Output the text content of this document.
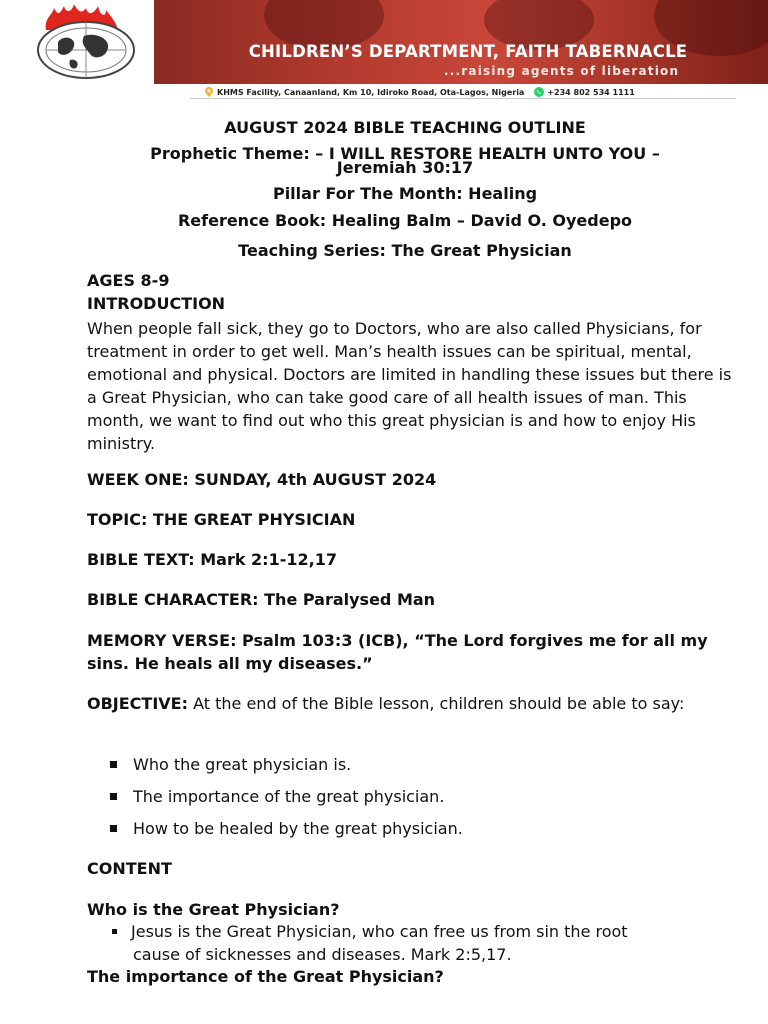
CHILDREN’S DEPARTMENT, FAITH TABERNACLE
...raising agents of liberation
KHMS Facility, Canaanland, Km 10, Idiroko Road, Ota-Lagos, Nigeria	+234 802 534 1111
AUGUST 2024 BIBLE TEACHING OUTLINE
Prophetic Theme: – I WILL RESTORE HEALTH UNTO YOU –
Jeremiah 30:17
Pillar For The Month: Healing
Reference Book: Healing Balm – David O. Oyedepo
Teaching Series: The Great Physician
AGES 8-9
INTRODUCTION
When people fall sick, they go to Doctors, who are also called Physicians, for treatment in order to get well. Man’s health issues can be spiritual, mental, emotional and physical. Doctors are limited in handling these issues but there is a Great Physician, who can take good care of all health issues of man. This month, we want to find out who this great physician is and how to enjoy His ministry.
WEEK ONE: SUNDAY, 4th AUGUST 2024
TOPIC: THE GREAT PHYSICIAN
BIBLE TEXT: Mark 2:1-12,17
BIBLE CHARACTER: The Paralysed Man
MEMORY VERSE: Psalm 103:3 (ICB), “The Lord forgives me for all my sins. He heals all my diseases.”
OBJECTIVE: At the end of the Bible lesson, children should be able to say:
Who the great physician is.
The importance of the great physician.
How to be healed by the great physician.
CONTENT
Who is the Great Physician?
Jesus is the Great Physician, who can free us from sin the root
cause of sicknesses and diseases. Mark 2:5,17.
The importance of the Great Physician?
